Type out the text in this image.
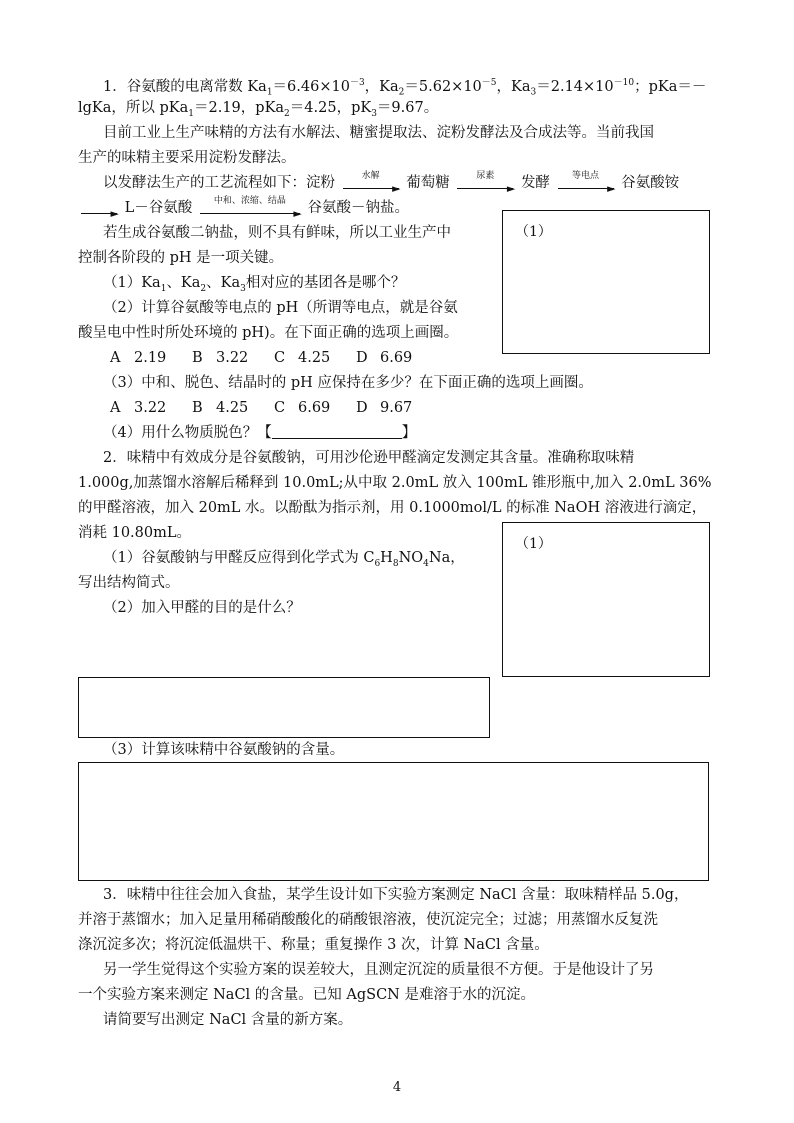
1．谷氨酸的电离常数 $Ka_1=6.46\times 10^{-3}$，$Ka_2=5.62\times 10^{-5}$，$Ka_3=2.14\times 10^{-10}$；pKa＝－
lgKa，所以 pKa$_1$＝2.19，pKa$_2$＝4.25，$pK_3=9.67$。
目前工业上生产味精的方法有水解法、糖蜜提取法、淀粉发酵法及合成法等。当前我国
生产的味精主要采用淀粉发酵法。
以发酵法生产的工艺流程如下：淀粉	水解
► 葡萄糖	尿素
► 发酵	等电点
► 谷氨酸铵
► L－谷氨酸	中和、浓缩、结晶
► 谷氨酸－钠盐。
若生成谷氨酸二钠盐，则不具有鲜味，所以工业生产中
控制各阶段的 pH 是一项关键。
$(1)Ka_1$、$Ka_2$、$Ka_3$相对应的基团各是哪个？
（2）计算谷氨酸等电点的 pH（所谓等电点，就是谷氨
酸呈电中性时所处环境的 pH)。在下面正确的选项上画圈。
A 2.19 B 3.22 C 4.25 D 6.69
（3）中和、脱色、结晶时的 pH 应保持在多少？在下面正确的选项上画圈。
A 3.22 B 4.25 C 6.69 D 9.67
（4）用什么物质脱色？【	】
（1）
2．味精中有效成分是谷氨酸钠，可用沙伦逊甲醛滴定发测定其含量。准确称取味精
1.000g,加蒸馏水溶解后稀释到 10.0mL;从中取 2.0mL 放入 100mL 锥形瓶中,加入 2.0mL 36%
的甲醛溶液，加入 20mL 水。以酚酞为指示剂，用 0.1000mol/L 的标准 NaOH 溶液进行滴定，
消耗 10.80mL。
（1）谷氨酸钠与甲醛反应得到化学式为 $C_6H_8NO_4Na$，
写出结构简式。
（2）加入甲醛的目的是什么？
（1）
（3）计算该味精中谷氨酸钠的含量。
3．味精中往往会加入食盐，某学生设计如下实验方案测定 NaCl 含量：取味精样品 5.0g，
并溶于蒸馏水；加入足量用稀硝酸酸化的硝酸银溶液，使沉淀完全；过滤；用蒸馏水反复洗
涤沉淀多次；将沉淀低温烘干、称量；重复操作 3 次，计算 NaCl 含量。
另一学生觉得这个实验方案的误差较大，且测定沉淀的质量很不方便。于是他设计了另
一个实验方案来测定 NaCl 的含量。已知 AgSCN 是难溶于水的沉淀。
请简要写出测定 NaCl 含量的新方案。
4
